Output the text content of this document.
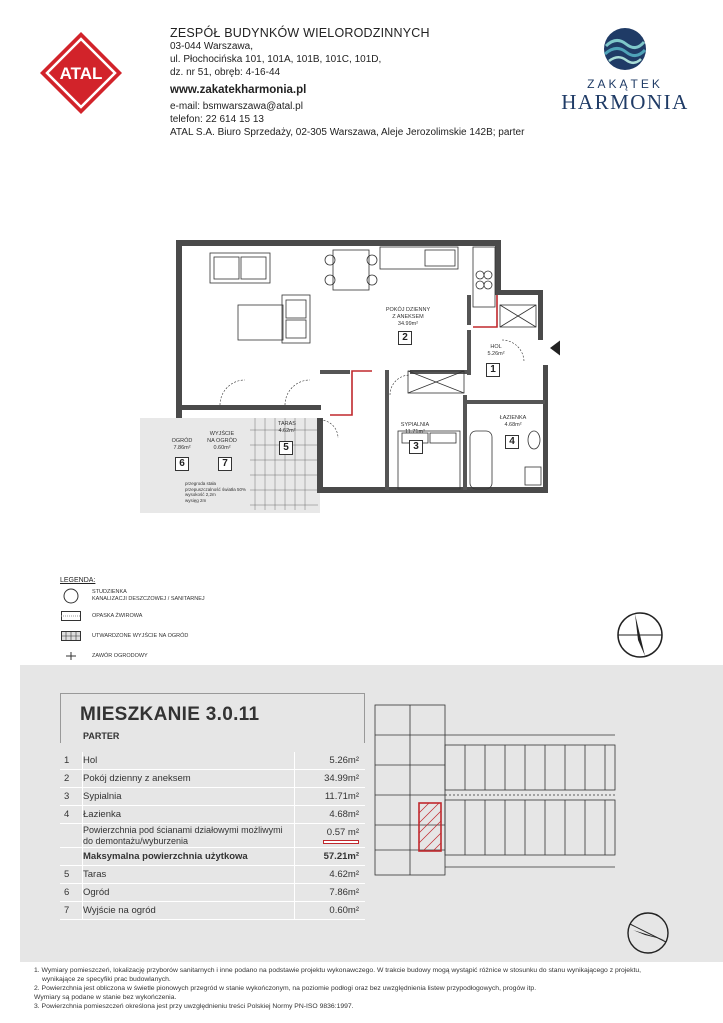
ATAL
ZESPÓŁ BUDYNKÓW WIELORODZINNYCH
03-044 Warszawa,
ul. Płochocińska 101, 101A, 101B, 101C, 101D,
dz. nr 51, obręb: 4-16-44
www.zakatekharmonia.pl
e-mail: bsmwarszawa@atal.pl
telefon: 22 614 15 13
ATAL S.A. Biuro Sprzedaży, 02-305 Warszawa, Aleje Jerozolimskie 142B; parter
ZAKĄTEK
HARMONIA
POKÓJ DZIENNY
Z ANEKSEM
34.99m²
2
HOL
5.26m²
1
SYPIALNIA
11.71m²
3
ŁAZIENKA
4.68m²
4
TARAS
4.62m²
5
OGRÓD
7.86m²
6
WYJŚCIE
NA OGRÓD
0.60m²
7
przegroda stała
przepuszczalność światła 50%
wysokość 2,2m
wysięg 2m
LEGENDA:
STUDZIENKA
KANALIZACJI DESZCZOWEJ / SANITARNEJ
OPASKA ŻWIROWA
UTWARDZONE WYJŚCIE NA OGRÓD
ZAWÓR OGRODOWY
MIESZKANIE 3.0.11
PARTER
1	Hol	5.26m²
2	Pokój dzienny z aneksem	34.99m²
3	Sypialnia	11.71m²
4	Łazienka	4.68m²
Powierzchnia pod ścianami działowymi możliwymi do demontażu/wyburzenia
0.57 m²
Maksymalna powierzchnia użytkowa	57.21m²
5	Taras	4.62m²
6	Ogród	7.86m²
7	Wyjście na ogród	0.60m²
1. Wymiary pomieszczeń, lokalizację przyborów sanitarnych i inne podano na podstawie projektu wykonawczego. W trakcie budowy mogą wystąpić różnice w stosunku do stanu wynikającego z projektu,
wynikające ze specyfiki prac budowlanych.
2. Powierzchnia jest obliczona w świetle pionowych przegród w stanie wykończonym, na poziomie podłogi oraz bez uwzględnienia listew przypodłogowych, progów itp.
Wymiary są podane w stanie bez wykończenia.
3. Powierzchnia pomieszczeń określona jest przy uwzględnieniu treści Polskiej Normy PN-ISO 9836:1997.
